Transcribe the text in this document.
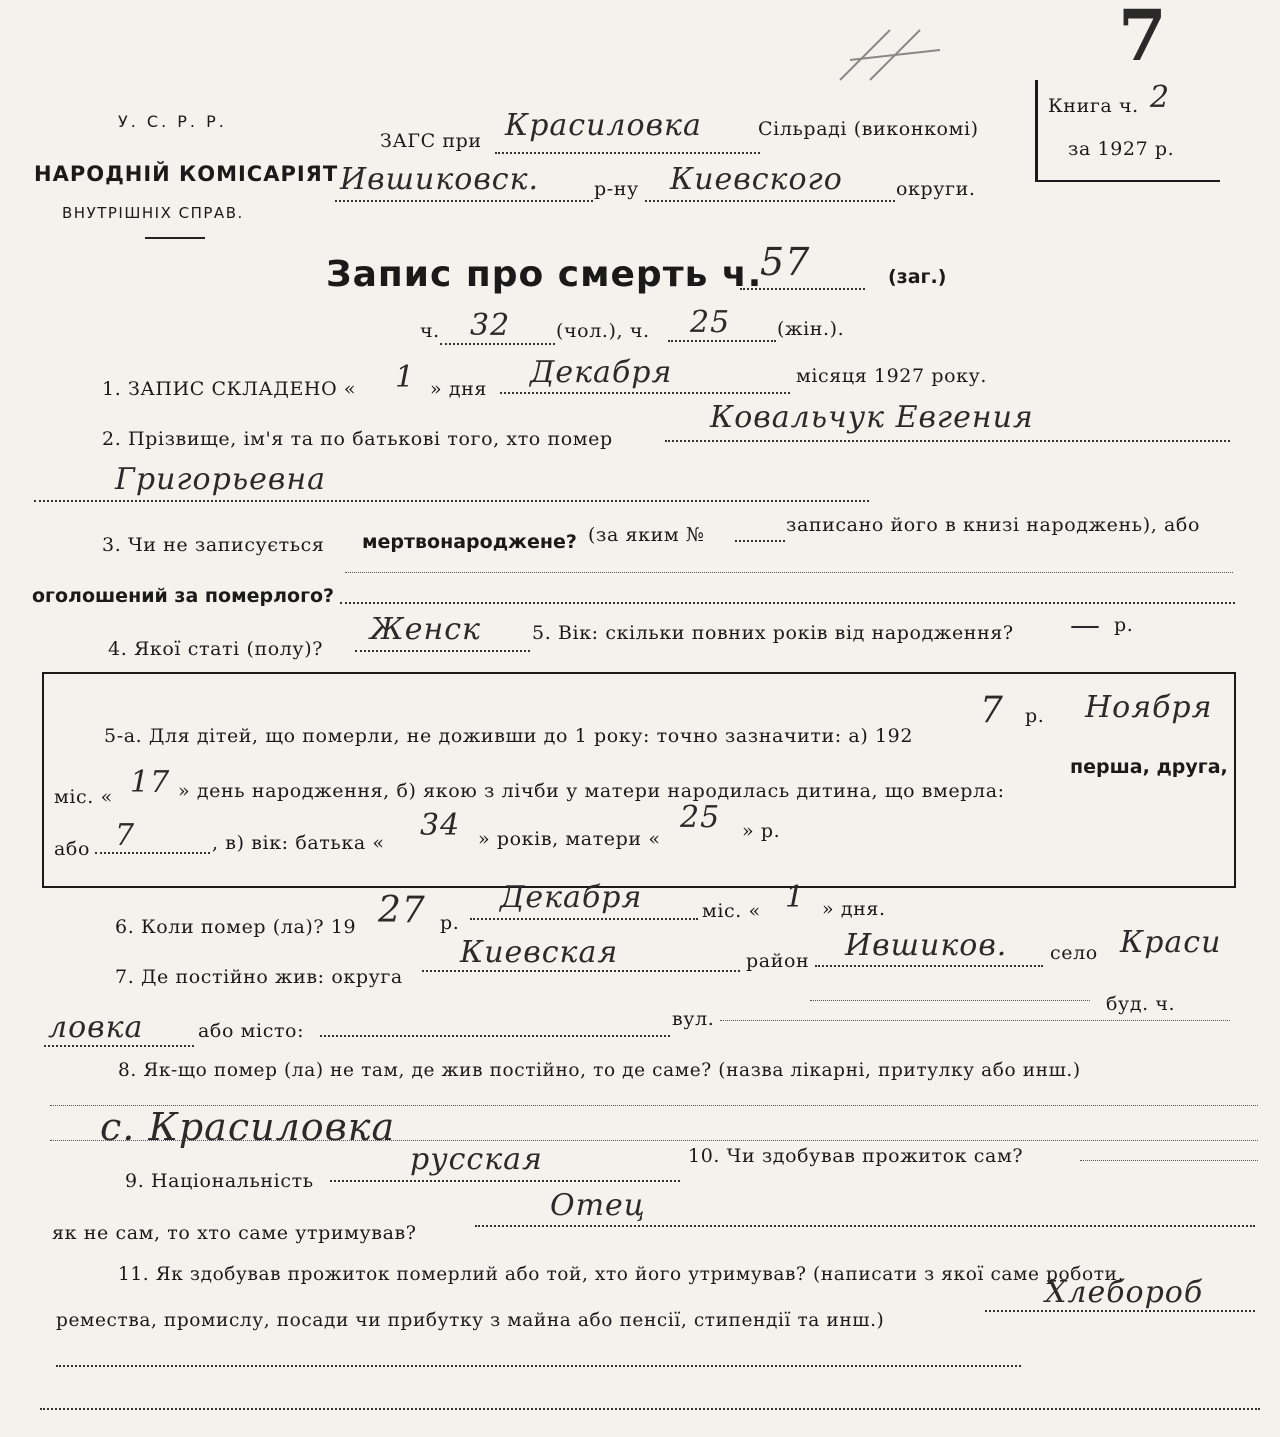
7
У. С. Р. Р.
НАРОДНІЙ КОМІСАРІЯТ
ВНУТРІШНІХ СПРАВ.
ЗАГС при Красиловка	Сільраді (виконкомі)
Ившиковск.	р-ну Киевского	округи.
Книга ч. 2
за 1927 р.
Запис про смерть ч.
57	(заг.)
ч. 32 (чол.), ч. 25 (жін.).
1. ЗАПИС СКЛАДЕНО « 1 » дня Декабря	місяця 1927 року.
2. Прізвище, ім'я та по батькові того, хто помер
Ковальчук Евгения
Григорьевна
3. Чи не записується мертвонароджене? (за яким №	записано його в книзі народжень), або
оголошений за померлого?
4. Якої статі (полу)?
Женск	5. Вік: скільки повних років від народження? — р.
5-а. Для дітей, що померли, не доживши до 1 року: точно зазначити: а) 192
7 р. Ноября
міс. « 17 » день народження, б) якою з лічби у матери народилась дитина, що вмерла:
перша, друга,
або 7	, в) вік: батька « 34 » років, матери «
25 » р.
6. Коли помер (ла)? 19 27 р.
Декабря	міс. « 1 » дня.
7. Де постійно жив: округа
Киевская	район Ившиков. село Краси
буд. ч.
ловка	або місто:
вул.
8. Як-що помер (ла) не там, де жив постійно, то де саме? (назва лікарні, притулку або инш.)
с. Красиловка
9. Національність
русская	10. Чи здобував прожиток сам?
як не сам, то хто саме утримував?
Отец
11. Як здобував прожиток померлий або той, хто його утримував? (написати з якої саме роботи,
ремества, промислу, посади чи прибутку з майна або пенсії, стипендії та инш.)
Хлебороб
